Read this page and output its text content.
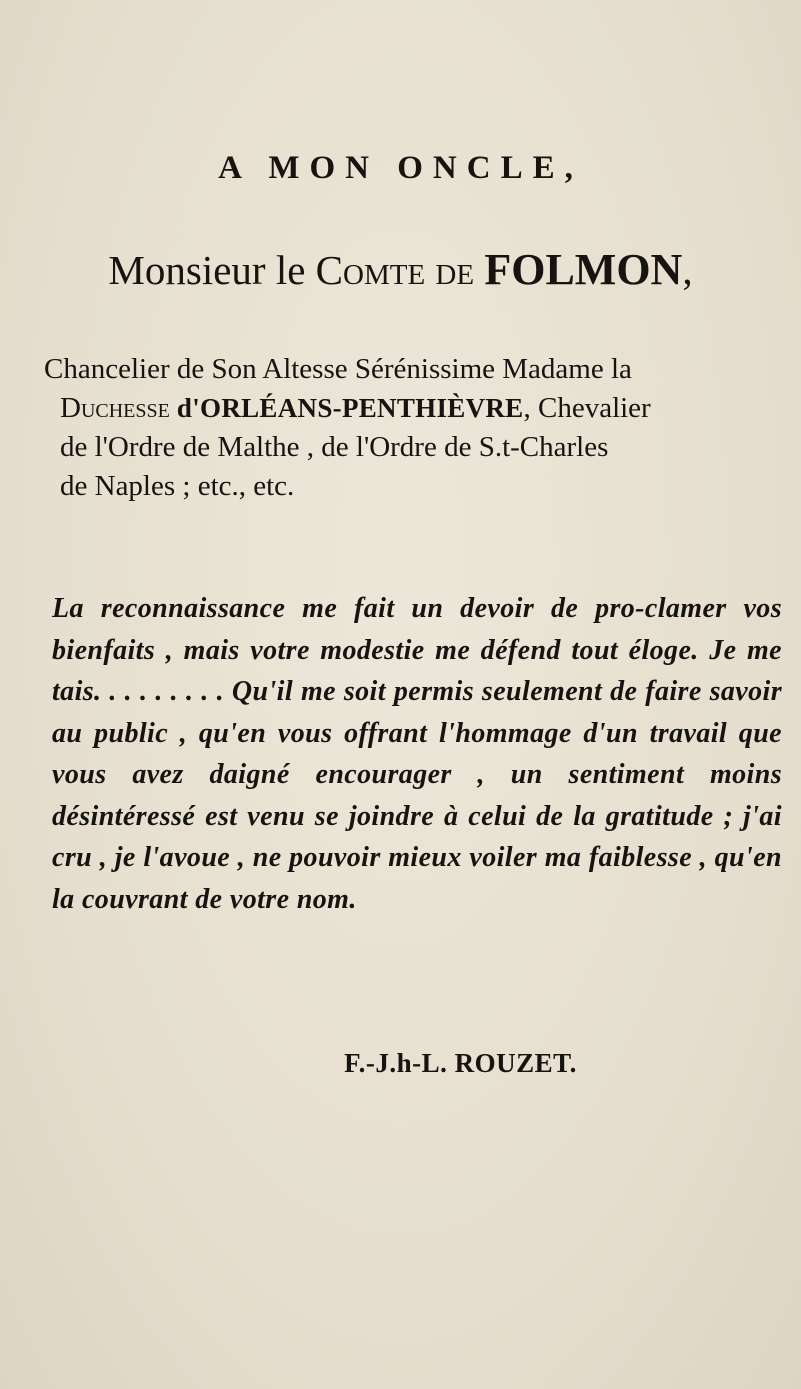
A MON ONCLE,
Monsieur le Comte de FOLMON,

Chancelier de Son Altesse Sérénissime Madame la

Duchesse d'ORLÉANS-PENTHIÈVRE, Chevalier

de l'Ordre de Malthe , de l'Ordre de S.t-Charles

de Naples ; etc., etc.

La reconnaissance me fait un devoir de pro-clamer vos bienfaits , mais votre modestie me défend tout éloge. Je me tais. . . . . . . . . Qu'il me soit permis seulement de faire savoir au public , qu'en vous offrant l'hommage d'un travail que vous avez daigné encourager , un sentiment moins désintéressé est venu se joindre à celui de la gratitude ; j'ai cru , je l'avoue , ne pouvoir mieux voiler ma faiblesse , qu'en la couvrant de votre nom.
F.-J.h-L. ROUZET.
